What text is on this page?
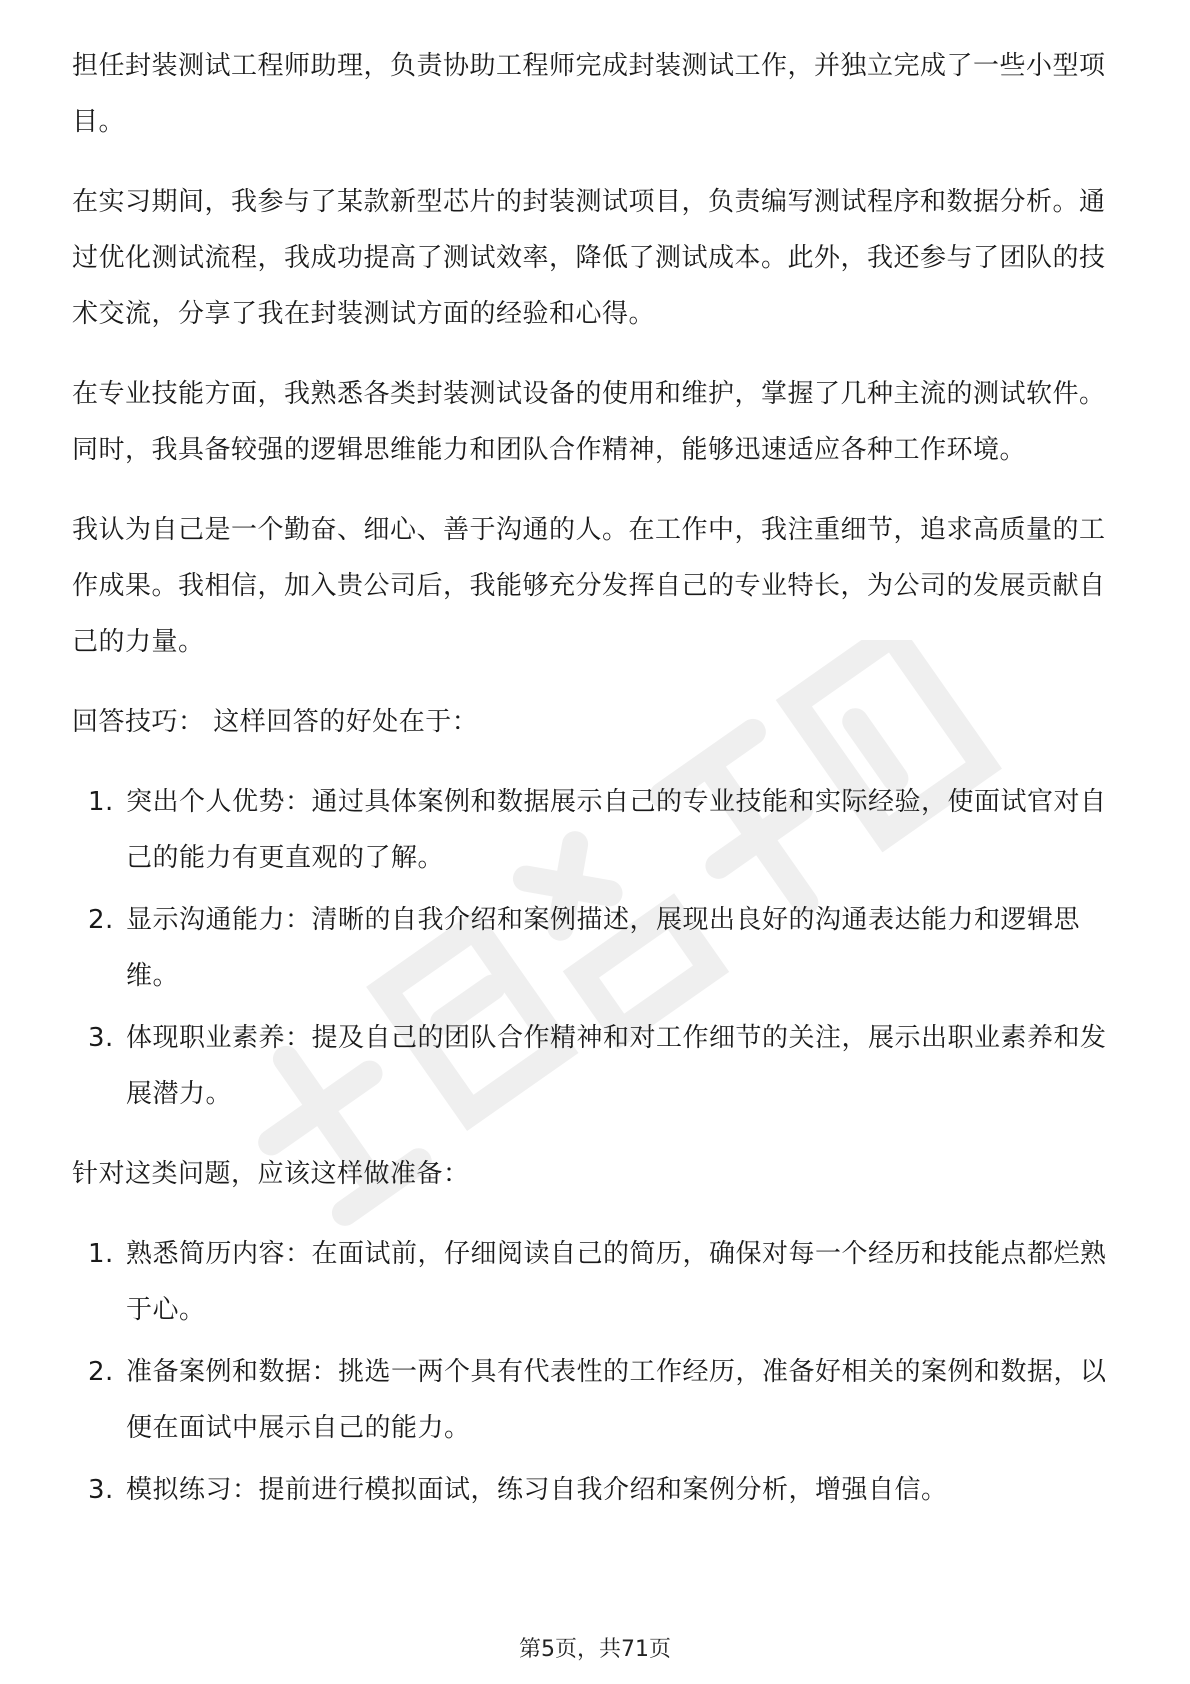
担任封装测试工程师助理，负责协助工程师完成封装测试工作，并独立完成了一些小型项目。

在实习期间，我参与了某款新型芯片的封装测试项目，负责编写测试程序和数据分析。通过优化测试流程，我成功提高了测试效率，降低了测试成本。此外，我还参与了团队的技术交流，分享了我在封装测试方面的经验和心得。

在专业技能方面，我熟悉各类封装测试设备的使用和维护，掌握了几种主流的测试软件。同时，我具备较强的逻辑思维能力和团队合作精神，能够迅速适应各种工作环境。

我认为自己是一个勤奋、细心、善于沟通的人。在工作中，我注重细节，追求高质量的工作成果。我相信，加入贵公司后，我能够充分发挥自己的专业特长，为公司的发展贡献自己的力量。

回答技巧： 这样回答的好处在于：

1. 突出个人优势：通过具体案例和数据展示自己的专业技能和实际经验，使面试官对自己的能力有更直观的了解。
2. 显示沟通能力：清晰的自我介绍和案例描述，展现出良好的沟通表达能力和逻辑思维。
3. 体现职业素养：提及自己的团队合作精神和对工作细节的关注，展示出职业素养和发展潜力。

针对这类问题，应该这样做准备：

1. 熟悉简历内容：在面试前，仔细阅读自己的简历，确保对每一个经历和技能点都烂熟于心。
2. 准备案例和数据：挑选一两个具有代表性的工作经历，准备好相关的案例和数据，以便在面试中展示自己的能力。
3. 模拟练习：提前进行模拟面试，练习自我介绍和案例分析，增强自信。
第5页，共71页
